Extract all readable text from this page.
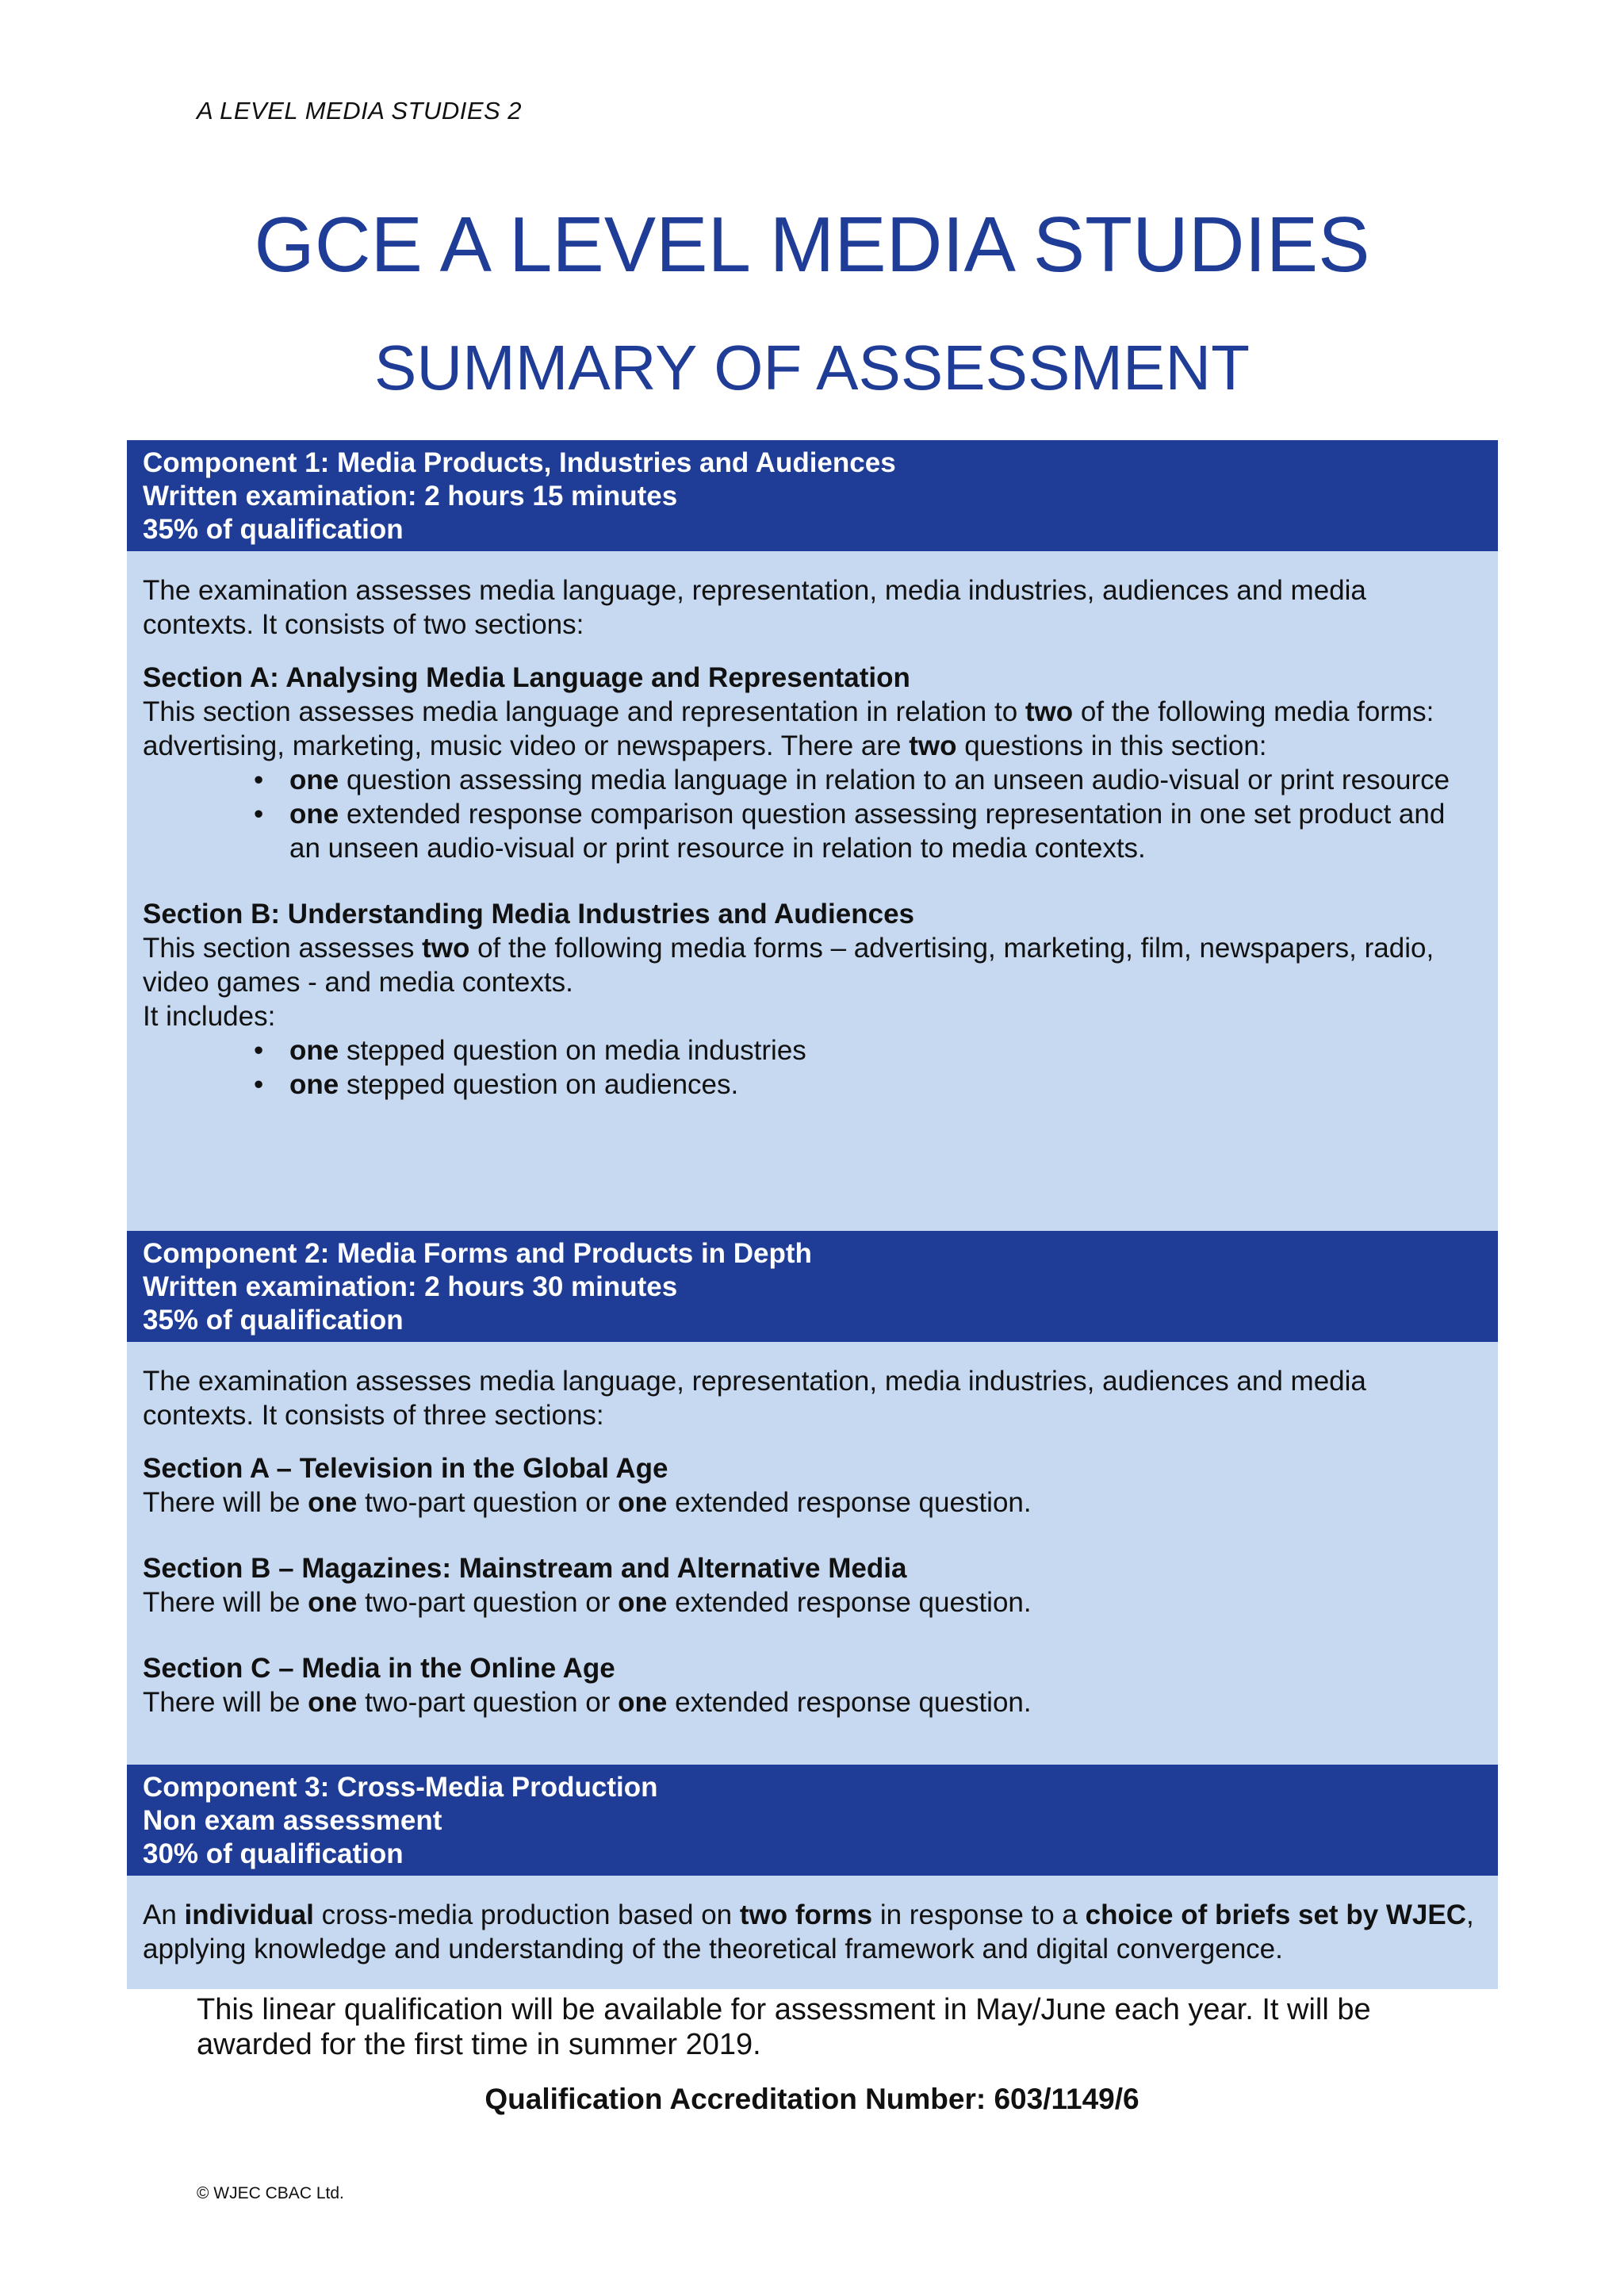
A LEVEL MEDIA STUDIES 2
GCE A LEVEL MEDIA STUDIES
SUMMARY OF ASSESSMENT
Component 1: Media Products, Industries and Audiences
Written examination: 2 hours 15 minutes
35% of qualification

The examination assesses media language, representation, media industries, audiences and media contexts. It consists of two sections:

Section A: Analysing Media Language and Representation

This section assesses media language and representation in relation to two of the following media forms: advertising, marketing, music video or newspapers. There are two questions in this section:

• one question assessing media language in relation to an unseen audio-visual or print resource
• one extended response comparison question assessing representation in one set product and an unseen audio-visual or print resource in relation to media contexts.

Section B: Understanding Media Industries and Audiences

This section assesses two of the following media forms – advertising, marketing, film, newspapers, radio, video games - and media contexts.

It includes:

• one stepped question on media industries
• one stepped question on audiences.
Component 2: Media Forms and Products in Depth
Written examination: 2 hours 30 minutes
35% of qualification

The examination assesses media language, representation, media industries, audiences and media contexts. It consists of three sections:

Section A – Television in the Global Age

There will be one two-part question or one extended response question.

Section B – Magazines: Mainstream and Alternative Media

There will be one two-part question or one extended response question.

Section C – Media in the Online Age

There will be one two-part question or one extended response question.

Component 3: Cross-Media Production
Non exam assessment
30% of qualification

An individual cross-media production based on two forms in response to a choice of briefs set by WJEC, applying knowledge and understanding of the theoretical framework and digital convergence.

This linear qualification will be available for assessment in May/June each year. It will be awarded for the first time in summer 2019.
Qualification Accreditation Number: 603/1149/6
© WJEC CBAC Ltd.
